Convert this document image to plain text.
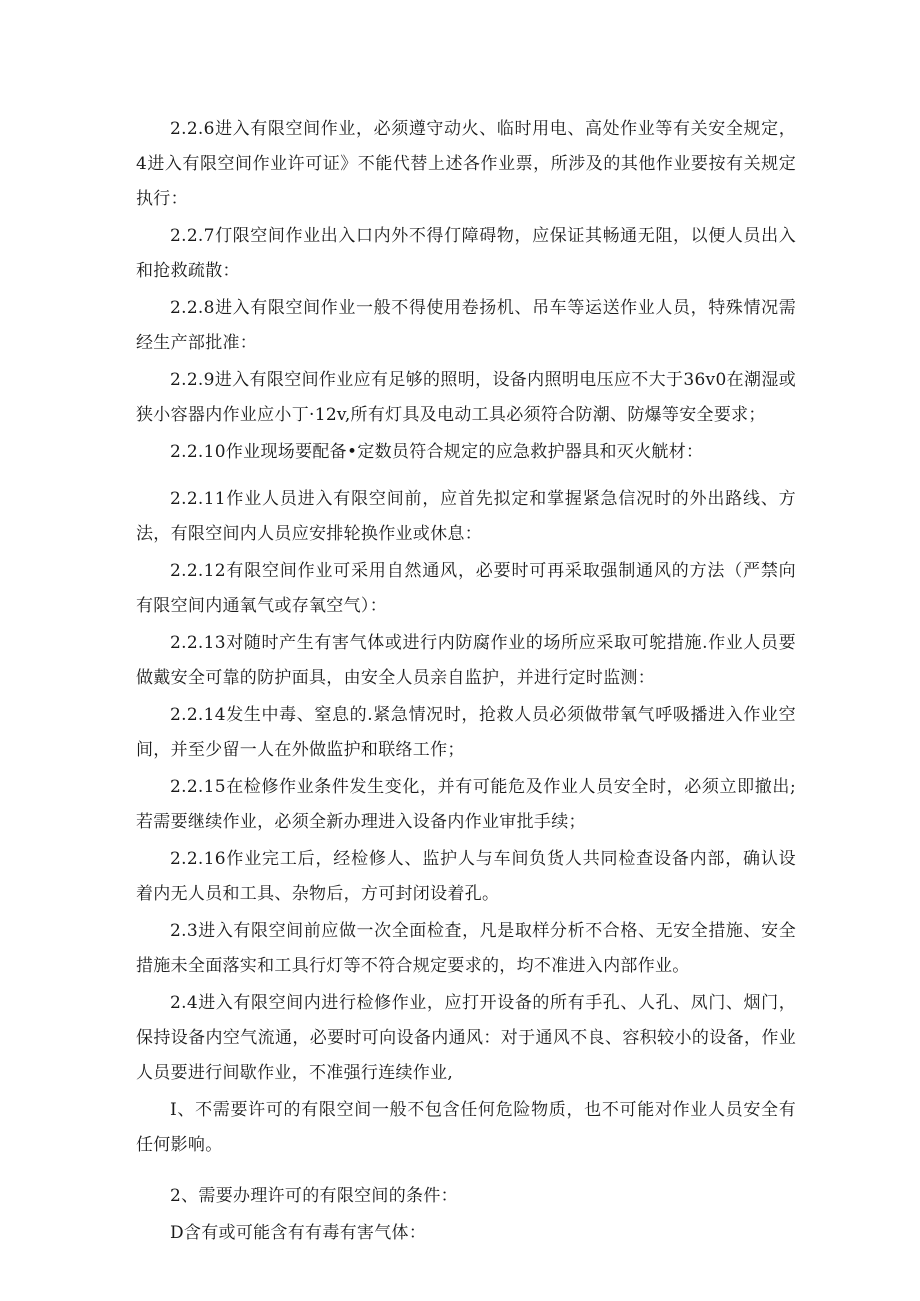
2.2.6进入有限空间作业，必须遵守动火、临时用电、高处作业等有关安全规定，4进入有限空间作业许可证》不能代替上述各作业票，所涉及的其他作业要按有关规定执行：

2.2.7仃限空间作业出入口内外不得仃障碍物，应保证其畅通无阻，以便人员出入和抢救疏散：

2.2.8进入有限空间作业一般不得使用卷扬机、吊车等运送作业人员，特殊情况需经生产部批准：

2.2.9进入有限空间作业应有足够的照明，设备内照明电压应不大于36v0在潮湿或狭小容器内作业应小丁·12v,所有灯具及电动工具必须符合防潮、防爆等安全要求；

2.2.10作业现场要配备•定数员符合规定的应急救护器具和灭火觥材：

2.2.11作业人员进入有限空间前，应首先拟定和掌握紧急信况时的外出路线、方法，有限空间内人员应安排轮换作业或休息：

2.2.12有限空间作业可采用自然通风，必要时可再采取强制通风的方法（严禁向有限空间内通氧气或存氧空气）：

2.2.13对随时产生有害气体或进行内防腐作业的场所应采取可鸵措施.作业人员要做戴安全可靠的防护面具，由安全人员亲自监护，并进行定时监测：

2.2.14发生中毒、窒息的.紧急情况时，抢救人员必须做带氧气呼吸播进入作业空间，并至少留一人在外做监护和联络工作；

2.2.15在检修作业条件发生变化，并有可能危及作业人员安全时，必须立即撤出;若需要继续作业，必须全新办理进入设备内作业审批手续；

2.2.16作业完工后，经检修人、监护人与车间负货人共同检查设备内部，确认设着内无人员和工具、杂物后，方可封闭设着孔。

2.3进入有限空间前应做一次全面检査，凡是取样分析不合格、无安全措施、安全措施未全面落实和工具行灯等不符合规定要求的，均不准进入内部作业。

2.4进入有限空间内进行检修作业，应打开设备的所有手孔、人孔、凤门、烟门，保持设备内空气流通，必要时可向设备内通风：对于通风不良、容积较小的设备，作业人员要进行间歇作业，不准强行连续作业,

I、不需要许可的有限空间一般不包含任何危险物质，也不可能对作业人员安全有任何影响。

2、需要办理许可的有限空间的条件：

D含有或可能含有有毒有害气体：
